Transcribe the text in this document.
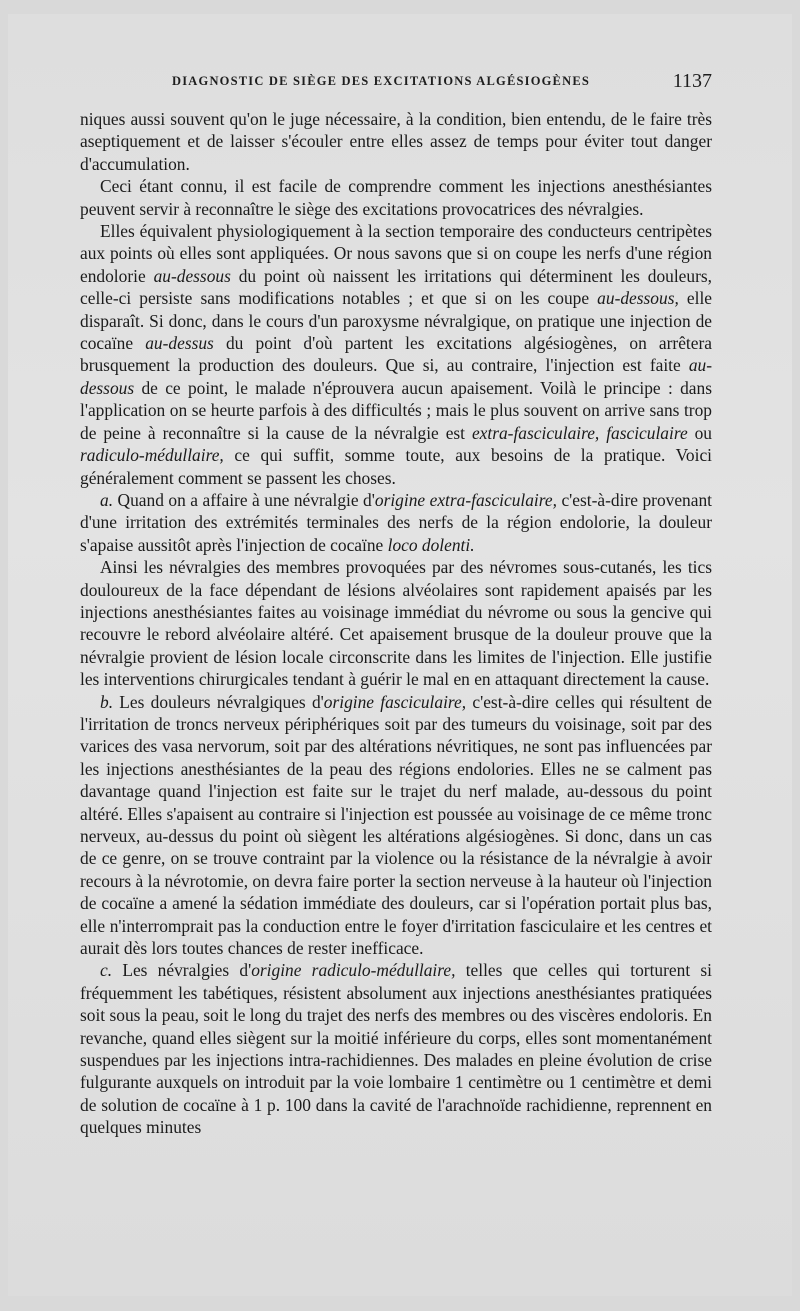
DIAGNOSTIC DE SIÈGE DES EXCITATIONS ALGÉSIOGÈNES	1137

niques aussi souvent qu'on le juge nécessaire, à la condition, bien entendu, de le faire très aseptiquement et de laisser s'écouler entre elles assez de temps pour éviter tout danger d'accumulation.

Ceci étant connu, il est facile de comprendre comment les injections anesthésiantes peuvent servir à reconnaître le siège des excitations provocatrices des névralgies.

Elles équivalent physiologiquement à la section temporaire des conducteurs centripètes aux points où elles sont appliquées. Or nous savons que si on coupe les nerfs d'une région endolorie au-dessous du point où naissent les irritations qui déterminent les douleurs, celle-ci persiste sans modifications notables ; et que si on les coupe au-dessous, elle disparaît. Si donc, dans le cours d'un paroxysme névralgique, on pratique une injection de cocaïne au-dessus du point d'où partent les excitations algésiogènes, on arrêtera brusquement la production des douleurs. Que si, au contraire, l'injection est faite au-dessous de ce point, le malade n'éprouvera aucun apaisement. Voilà le principe : dans l'application on se heurte parfois à des difficultés ; mais le plus souvent on arrive sans trop de peine à reconnaître si la cause de la névralgie est extra-fasciculaire, fasciculaire ou radiculo-médullaire, ce qui suffit, somme toute, aux besoins de la pratique. Voici généralement comment se passent les choses.

a. Quand on a affaire à une névralgie d'origine extra-fasciculaire, c'est-à-dire provenant d'une irritation des extrémités terminales des nerfs de la région endolorie, la douleur s'apaise aussitôt après l'injection de cocaïne loco dolenti.

Ainsi les névralgies des membres provoquées par des névromes sous-cutanés, les tics douloureux de la face dépendant de lésions alvéolaires sont rapidement apaisés par les injections anesthésiantes faites au voisinage immédiat du névrome ou sous la gencive qui recouvre le rebord alvéolaire altéré. Cet apaisement brusque de la douleur prouve que la névralgie provient de lésion locale circonscrite dans les limites de l'injection. Elle justifie les interventions chirurgicales tendant à guérir le mal en en attaquant directement la cause.

b. Les douleurs névralgiques d'origine fasciculaire, c'est-à-dire celles qui résultent de l'irritation de troncs nerveux périphériques soit par des tumeurs du voisinage, soit par des varices des vasa nervorum, soit par des altérations névritiques, ne sont pas influencées par les injections anesthésiantes de la peau des régions endolories. Elles ne se calment pas davantage quand l'injection est faite sur le trajet du nerf malade, au-dessous du point altéré. Elles s'apaisent au contraire si l'injection est poussée au voisinage de ce même tronc nerveux, au-dessus du point où siègent les altérations algésiogènes. Si donc, dans un cas de ce genre, on se trouve contraint par la violence ou la résistance de la névralgie à avoir recours à la névrotomie, on devra faire porter la section nerveuse à la hauteur où l'injection de cocaïne a amené la sédation immédiate des douleurs, car si l'opération portait plus bas, elle n'interromprait pas la conduction entre le foyer d'irritation fasciculaire et les centres et aurait dès lors toutes chances de rester inefficace.

c. Les névralgies d'origine radiculo-médullaire, telles que celles qui torturent si fréquemment les tabétiques, résistent absolument aux injections anesthésiantes pratiquées soit sous la peau, soit le long du trajet des nerfs des membres ou des viscères endoloris. En revanche, quand elles siègent sur la moitié inférieure du corps, elles sont momentanément suspendues par les injections intra-rachidiennes. Des malades en pleine évolution de crise fulgurante auxquels on introduit par la voie lombaire 1 centimètre ou 1 centimètre et demi de solution de cocaïne à 1 p. 100 dans la cavité de l'arachnoïde rachidienne, reprennent en quelques minutes
